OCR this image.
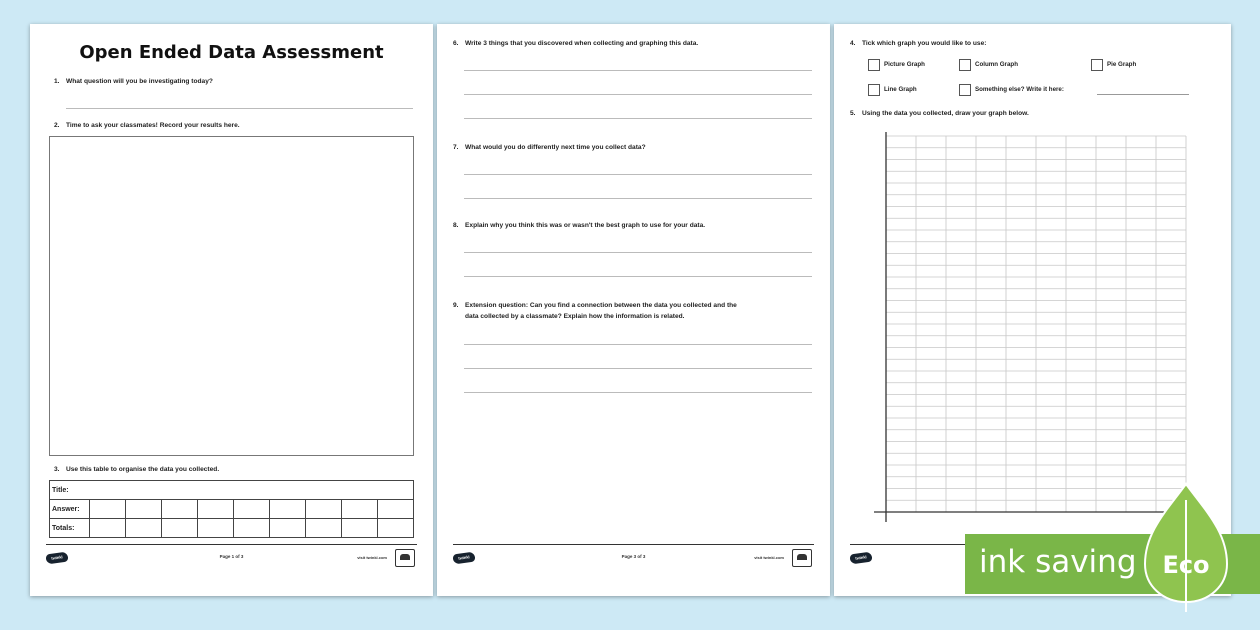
Open Ended Data Assessment
1. What question will you be investigating today?
2. Time to ask your classmates! Record your results here.
3. Use this table to organise the data you collected.
Title:									
Answer:									
Totals:									
twinkl	Page 1 of 3	visit twinkl.com
6. Write 3 things that you discovered when collecting and graphing this data.
7. What would you do differently next time you collect data?
8. Explain why you think this was or wasn't the best graph to use for your data.
9. Extension question: Can you find a connection between the data you collected and the
data collected by a classmate? Explain how the information is related.
twinkl	Page 3 of 3	visit twinkl.com
4. Tick which graph you would like to use:
Picture Graph	Column Graph	Pie Graph
Line Graph	Something else? Write it here:
5. Using the data you collected, draw your graph below.
twinkl	ink saving Eco
